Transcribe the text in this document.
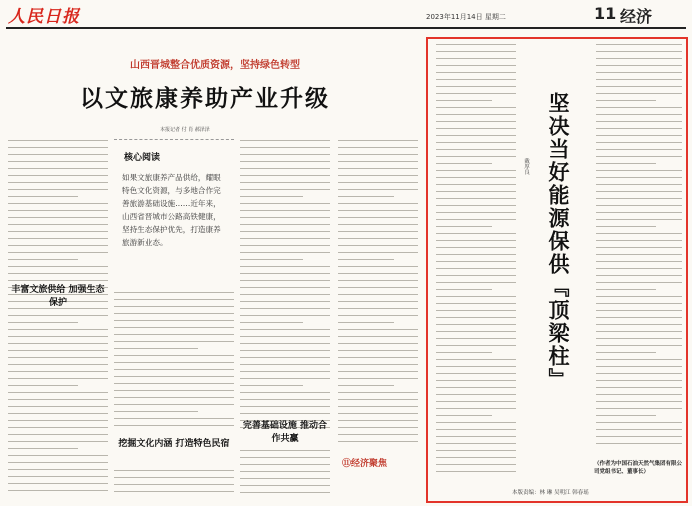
人民日报	2023年11月14日 星期二	11 经济
山西晋城整合优质资源，坚持绿色转型
以文旅康养助产业升级
本报记者 付 肖 郝泽泽
核心阅读
如果文旅康养产品供给，耀眼特色文化资源，与多地合作完善旅游基础设施……近年来，山西省晋城市公路高铁健康，坚持生态保护优先，打造康养旅游新业态。
丰富文旅供给 加强生态保护
挖掘文化内涵 打造特色民宿
完善基础设施 推动合作共赢
⑪经济聚焦
坚决当好能源保供『顶梁柱』
戴厚良
（作者为中国石油天然气集团有限公司党组书记、董事长）
本版责编：林 琳 吴明江 韩春瑶
